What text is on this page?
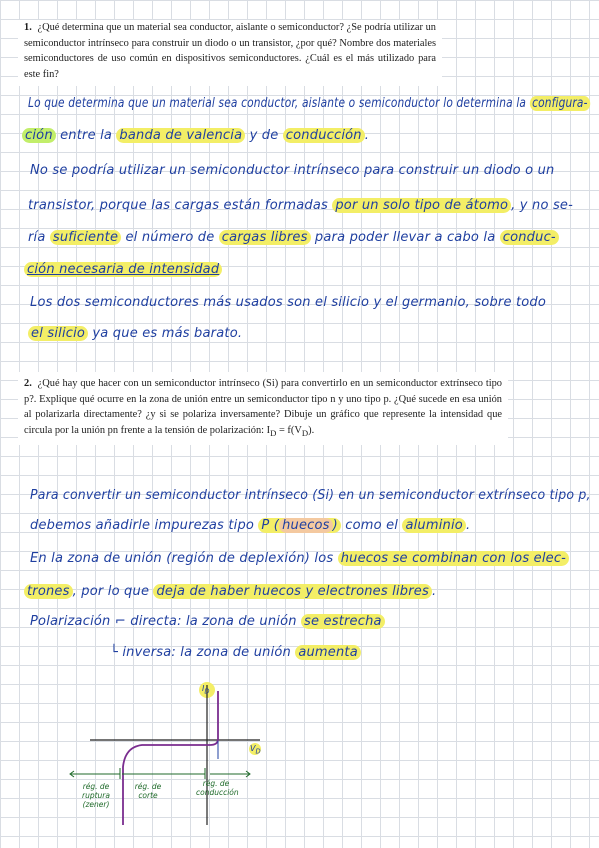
1. ¿Qué determina que un material sea conductor, aislante o semiconductor? ¿Se podría utilizar un semiconductor intrínseco para construir un diodo o un transistor, ¿por qué? Nombre dos materiales semiconductores de uso común en dispositivos semiconductores. ¿Cuál es el más utilizado para este fin?

Lo que determina que un material sea conductor, aislante o semiconductor lo determina la configura-

ción entre la banda de valencia y de conducción .

No se podría utilizar un semiconductor intrínseco para construir un diodo o un

transistor, porque las cargas están formadas por un solo tipo de átomo , y no se-

ría suficiente el número de cargas libres para poder llevar a cabo la conduc-

ción necesaria de intensidad

Los dos semiconductores más usados son el silicio y el germanio, sobre todo

el silicio ya que es más barato.

2. ¿Qué hay que hacer con un semiconductor intrínseco (Si) para convertirlo en un semiconductor extrínseco tipo p?. Explique qué ocurre en la zona de unión entre un semiconductor tipo n y uno tipo p. ¿Qué sucede en esa unión al polarizarla directamente? ¿y si se polariza inversamente? Dibuje un gráfico que represente la intensidad que circula por la unión pn frente a la tensión de polarización: $I_D = f(V_D)$.

Para convertir un semiconductor intrínseco (Si) en un semiconductor extrínseco tipo p,

debemos añadirle impurezas tipo P ( huecos ) como el aluminio .

En la zona de unión (región de deplexión) los huecos se combinan con los elec-

trones , por lo que deja de haber huecos y electrones libres .

Polarización ⌐ directa: la zona de unión se estrecha

└ inversa: la zona de unión aumenta

$I_D$
$V_D$
rég. de ruptura
(zener)
rég. de corte
rég. de conducción
